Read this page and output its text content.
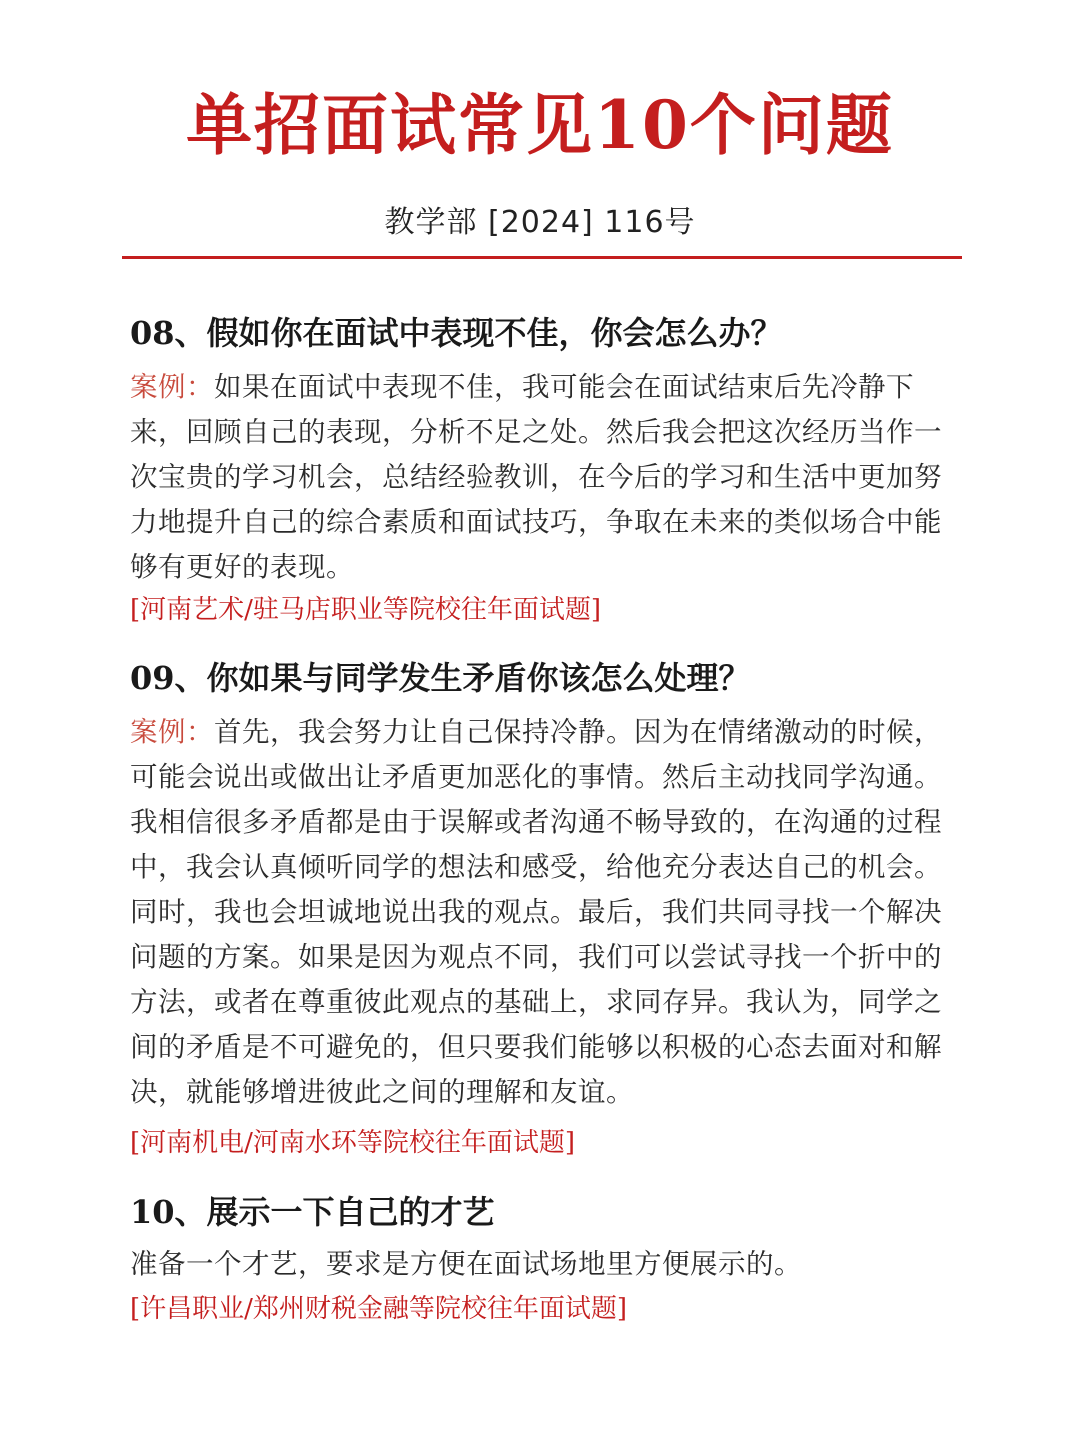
单招面试常见10个问题
教学部 [2024] 116号
08、假如你在面试中表现不佳，你会怎么办？

案例：如果在面试中表现不佳，我可能会在面试结束后先冷静下来，回顾自己的表现，分析不足之处。然后我会把这次经历当作一次宝贵的学习机会，总结经验教训，在今后的学习和生活中更加努力地提升自己的综合素质和面试技巧，争取在未来的类似场合中能够有更好的表现。

[河南艺术/驻马店职业等院校往年面试题]

09、你如果与同学发生矛盾你该怎么处理？

案例：首先，我会努力让自己保持冷静。因为在情绪激动的时候，可能会说出或做出让矛盾更加恶化的事情。然后主动找同学沟通。我相信很多矛盾都是由于误解或者沟通不畅导致的，在沟通的过程中，我会认真倾听同学的想法和感受，给他充分表达自己的机会。同时，我也会坦诚地说出我的观点。最后，我们共同寻找一个解决问题的方案。如果是因为观点不同，我们可以尝试寻找一个折中的方法，或者在尊重彼此观点的基础上，求同存异。我认为，同学之间的矛盾是不可避免的，但只要我们能够以积极的心态去面对和解决，就能够增进彼此之间的理解和友谊。

[河南机电/河南水环等院校往年面试题]

10、展示一下自己的才艺

准备一个才艺，要求是方便在面试场地里方便展示的。

[许昌职业/郑州财税金融等院校往年面试题]
